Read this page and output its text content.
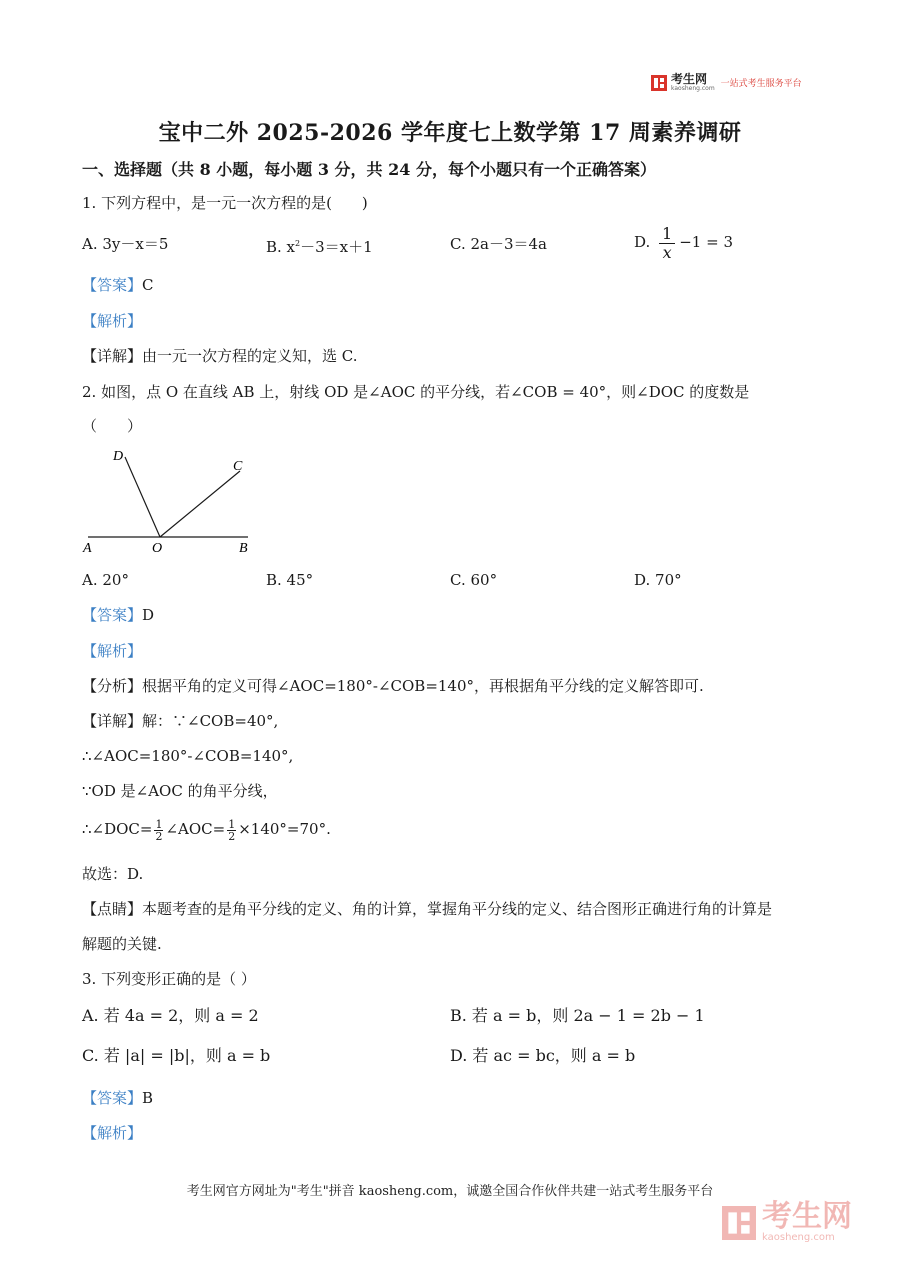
考生网
kaosheng.com 一站式考生服务平台
宝中二外 2025-2026 学年度七上数学第 17 周素养调研
一、选择题（共 8 小题，每小题 3 分，共 24 分，每个小题只有一个正确答案）
1. 下列方程中，是一元一次方程的是(　　)
A. 3y－x＝5	B. $x^2-3=x+1$	C. 2a－3＝4a	D. $\frac{1}{x} -1 = 3$
【答案】C
【解析】
【详解】由一元一次方程的定义知，选 C.
2. 如图，点 O 在直线 AB 上，射线 OD 是∠AOC 的平分线，若∠COB = 40°，则∠DOC 的度数是
（　　）
D
C
A	O	B
A. 20°	B. 45°	C. 60°	D. 70°
【答案】D
【解析】
【分析】根据平角的定义可得∠AOC=180°-∠COB=140°，再根据角平分线的定义解答即可.
【详解】解：∵∠COB=40°,
∴∠AOC=180°-∠COB=140°,
∵OD 是∠AOC 的角平分线，
∴∠DOC= $\frac{1}{2}$ ∠AOC= $\frac{1}{2} \times 140^\circ=70^\circ$.
故选：D.
【点睛】本题考查的是角平分线的定义、角的计算，掌握角平分线的定义、结合图形正确进行角的计算是
解题的关键.
3. 下列变形正确的是（ ）
A. 若 4a = 2，则 a = 2	B. 若 a = b，则 2a − 1 = 2b − 1
C. 若 |a| = |b|，则 a = b	D. 若 ac = bc，则 a = b
【答案】B
【解析】
考生网官方网址为"考生"拼音 kaosheng.com，诚邀全国合作伙伴共建一站式考生服务平台
考生网
kaosheng.com
